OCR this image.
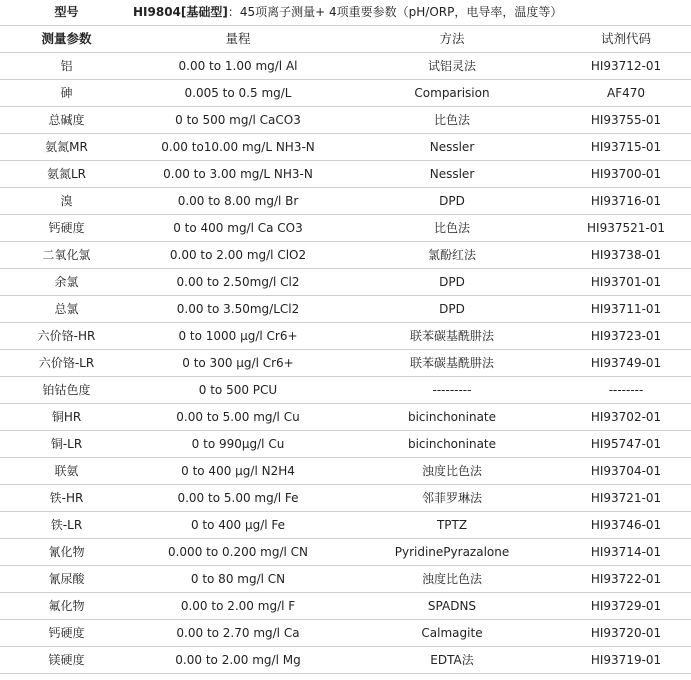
型号	HI9804[基础型]：45项离子测量+ 4项重要参数（pH/ORP，电导率，温度等）		
测量参数	量程	方法	试剂代码
铝	0.00 to 1.00 mg/l Al	试铝灵法	HI93712-01
砷	0.005 to 0.5 mg/L	Comparision	AF470
总碱度	0 to 500 mg/l CaCO3	比色法	HI93755-01
氨氮MR	0.00 to10.00 mg/L NH3-N	Nessler	HI93715-01
氨氮LR	0.00 to 3.00 mg/L NH3-N	Nessler	HI93700-01
溴	0.00 to 8.00 mg/l Br	DPD	HI93716-01
钙硬度	0 to 400 mg/l Ca CO3	比色法	HI937521-01
二氧化氯	0.00 to 2.00 mg/l ClO2	氯酚红法	HI93738-01
余氯	0.00 to 2.50mg/l Cl2	DPD	HI93701-01
总氯	0.00 to 3.50mg/LCl2	DPD	HI93711-01
六价铬-HR	0 to 1000 µg/l Cr6+	联苯碳基酰肼法	HI93723-01
六价铬-LR	0 to 300 µg/l Cr6+	联苯碳基酰肼法	HI93749-01
铂钴色度	0 to 500 PCU	---------	--------
铜HR	0.00 to 5.00 mg/l Cu	bicinchoninate	HI93702-01
铜-LR	0 to 990µg/l Cu	bicinchoninate	HI95747-01
联氨	0 to 400 µg/l N2H4	浊度比色法	HI93704-01
铁-HR	0.00 to 5.00 mg/l Fe	邻菲罗琳法	HI93721-01
铁-LR	0 to 400 µg/l Fe	TPTZ	HI93746-01
氰化物	0.000 to 0.200 mg/l CN	PyridinePyrazalone	HI93714-01
氰尿酸	0 to 80 mg/l CN	浊度比色法	HI93722-01
氟化物	0.00 to 2.00 mg/l F	SPADNS	HI93729-01
钙硬度	0.00 to 2.70 mg/l Ca	Calmagite	HI93720-01
镁硬度	0.00 to 2.00 mg/l Mg	EDTA法	HI93719-01
